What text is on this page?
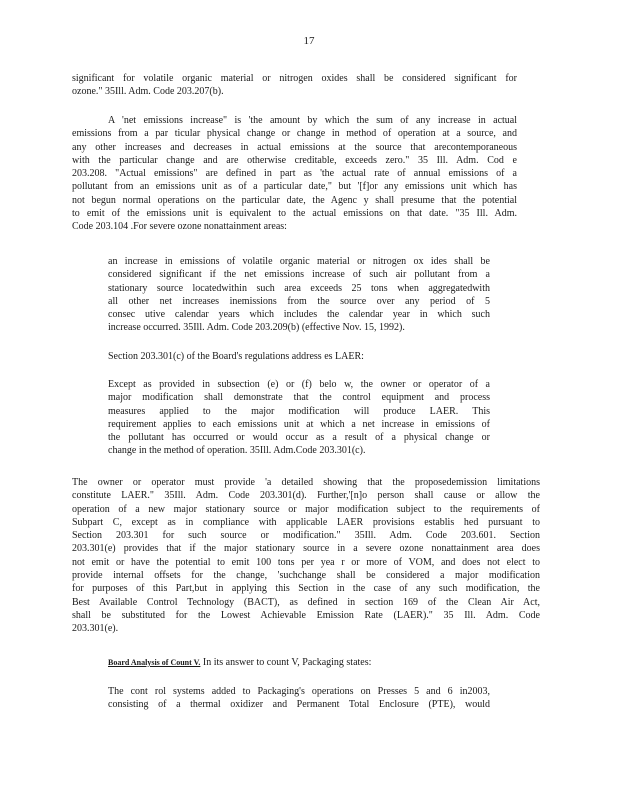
17
significant for volatile organic material or nitrogen oxides shall be considered significant for
ozone." 35Ill. Adm. Code 203.207(b).
A 'net emissions increase" is 'the amount by which the sum of any increase in actual
emissions from a par ticular physical change or change in method of operation at a source, and
any other increases and decreases in actual emissions at the source that arecontemporaneous
with the particular change and are otherwise creditable, exceeds zero." 35 Ill. Adm. Cod e
203.208. "Actual emissions" are defined in part as 'the actual rate of annual emissions of a
pollutant from an emissions unit as of a particular date," but '[f]or any emissions unit which has
not begun normal operations on the particular date, the Agenc y shall presume that the potential
to emit of the emissions unit is equivalent to the actual emissions on that date. "35 Ill. Adm.
Code 203.104 .For severe ozone nonattainment areas:
an increase in emissions of volatile organic material or nitrogen ox ides shall be
considered significant if the net emissions increase of such air pollutant from a
stationary source locatedwithin such area exceeds 25 tons when aggregatedwith
all other net increases inemissions from the source over any period of 5
consec utive calendar years which includes the calendar year in which such
increase occurred. 35Ill. Adm. Code 203.209(b) (effective Nov. 15, 1992).
Section 203.301(c) of the Board's regulations address es LAER:
Except as provided in subsection (e) or (f) belo w, the owner or operator of a
major modification shall demonstrate that the control equipment and process
measures applied to the major modification will produce LAER. This
requirement applies to each emissions unit at which a net increase in emissions of
the pollutant has occurred or would occur as a result of a physical change or
change in the method of operation. 35Ill. Adm.Code 203.301(c).
The owner or operator must provide 'a detailed showing that the proposedemission limitations
constitute LAER." 35Ill. Adm. Code 203.301(d). Further,'[n]o person shall cause or allow the
operation of a new major stationary source or major modification subject to the requirements of
Subpart C, except as in compliance with applicable LAER provisions establis hed pursuant to
Section 203.301 for such source or modification." 35Ill. Adm. Code 203.601. Section
203.301(e) provides that if the major stationary source in a severe ozone nonattainment area does
not emit or have the potential to emit 100 tons per yea r or more of VOM, and does not elect to
provide internal offsets for the change, 'suchchange shall be considered a major modification
for purposes of this Part,but in applying this Section in the case of any such modification, the
Best Available Control Technology (BACT), as defined in section 169 of the Clean Air Act,
shall be substituted for the Lowest Achievable Emission Rate (LAER)." 35 Ill. Adm. Code
203.301(e).
Board Analysis of Count V. In its answer to count V, Packaging states:
The cont rol systems added to Packaging's operations on Presses 5 and 6 in2003,
consisting of a thermal oxidizer and Permanent Total Enclosure (PTE), would
